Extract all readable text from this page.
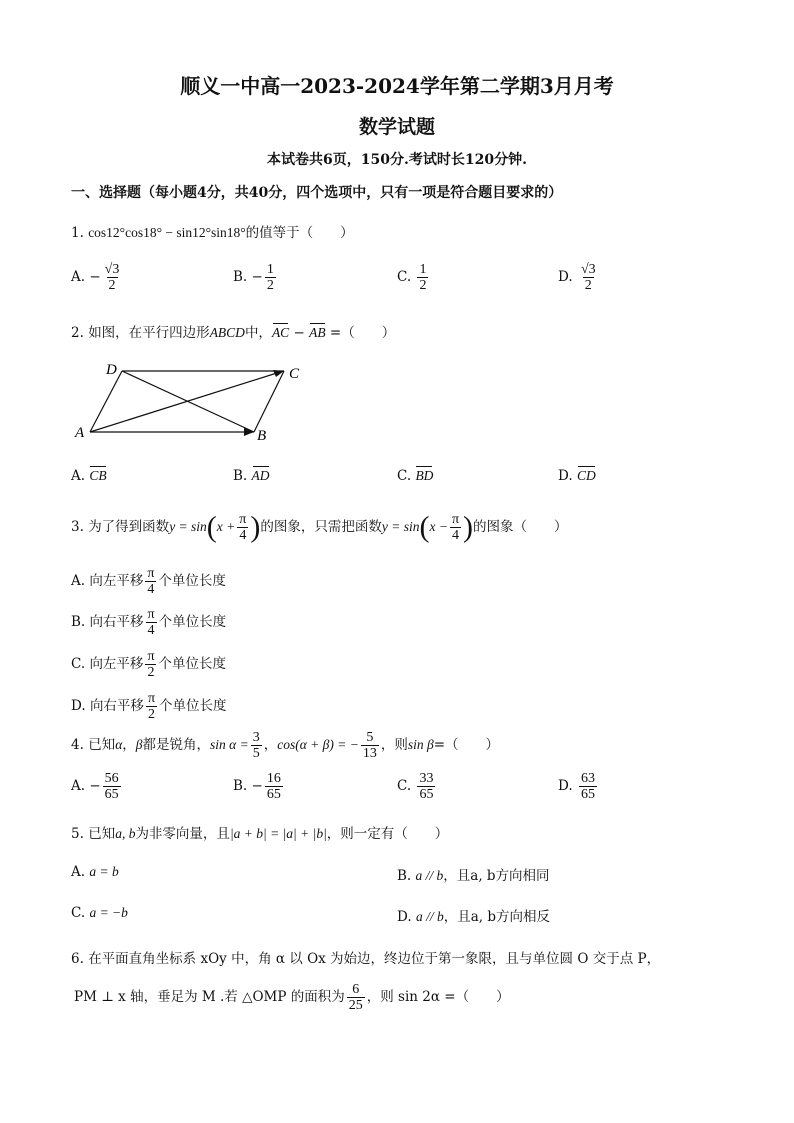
顺义一中高一2023-2024学年第二学期3月月考
数学试题
本试卷共6页，150分.考试时长120分钟.
一、选择题（每小题4分，共40分，四个选项中，只有一项是符合题目要求的）
1. cos12°cos18° − sin12°sin18°的值等于（　　）
A. − $\frac{√3}{2}$	B. − $\frac{1}{2}$	C. $\frac{1}{2}$	D. $\frac{√3}{2}$
2. 如图，在平行四边形ABCD中，AC − AB =（　　）
A	B
C
D
A. CB	B. AD	C. BD	D. CD
3. 为了得到函数$y = \sin(x + \frac{\pi}{4}$ )的图象，只需把函数$y = \sin(x - \frac{\pi}{4}$ )的图象（　　）
A. 向左平移 $\frac{\pi}{4}$ 个单位长度
B. 向右平移 $\frac{\pi}{4}$ 个单位长度
C. 向左平移 $\frac{\pi}{2}$ 个单位长度
D. 向右平移 $\frac{\pi}{2}$ 个单位长度
4. 已知α，β都是锐角，$\sin \alpha = \frac{3}{5}$ ，cos(α + β) = − $\frac{5}{13}$ ，则sin β=（　　）
A. − $\frac{56}{65}$	B. − $\frac{16}{65}$	C. $\frac{33}{65}$	D. $\frac{63}{65}$
5. 已知a, b为非零向量，且|a + b| = |a| + |b|，则一定有（　　）
A. a = b	B. a // b，且a, b方向相同
C. a = −b	D. a // b，且a, b方向相反
6. 在平面直角坐标系 xOy 中，角 α 以 Ox 为始边，终边位于第一象限，且与单位圆 O 交于点 P，
PM ⊥ x 轴，垂足为 M .若 △OMP 的面积为 $\frac{6}{25}$ ，则 sin 2α =（　　）
